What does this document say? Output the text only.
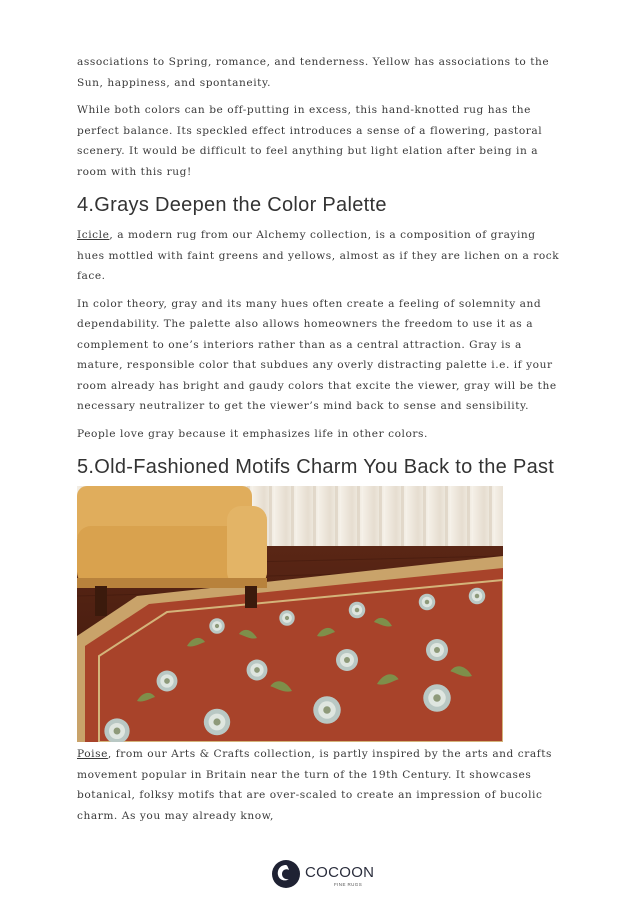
associations to Spring, romance, and tenderness. Yellow has associations to the Sun, happiness, and spontaneity.

While both colors can be off-putting in excess, this hand-knotted rug has the perfect balance. Its speckled effect introduces a sense of a flowering, pastoral scenery. It would be difficult to feel anything but light elation after being in a room with this rug!

4.Grays Deepen the Color Palette

Icicle, a modern rug from our Alchemy collection, is a composition of graying hues mottled with faint greens and yellows, almost as if they are lichen on a rock face.

In color theory, gray and its many hues often create a feeling of solemnity and dependability. The palette also allows homeowners the freedom to use it as a complement to one’s interiors rather than as a central attraction. Gray is a mature, responsible color that subdues any overly distracting palette i.e. if your room already has bright and gaudy colors that excite the viewer, gray will be the necessary neutralizer to get the viewer’s mind back to sense and sensibility.

People love gray because it emphasizes life in other colors.

5.Old-Fashioned Motifs Charm You Back to the Past

Poise, from our Arts & Crafts collection, is partly inspired by the arts and crafts movement popular in Britain near the turn of the 19th Century. It showcases botanical, folksy motifs that are over-scaled to create an impression of bucolic charm. As you may already know,

COCOON
FINE RUGS
